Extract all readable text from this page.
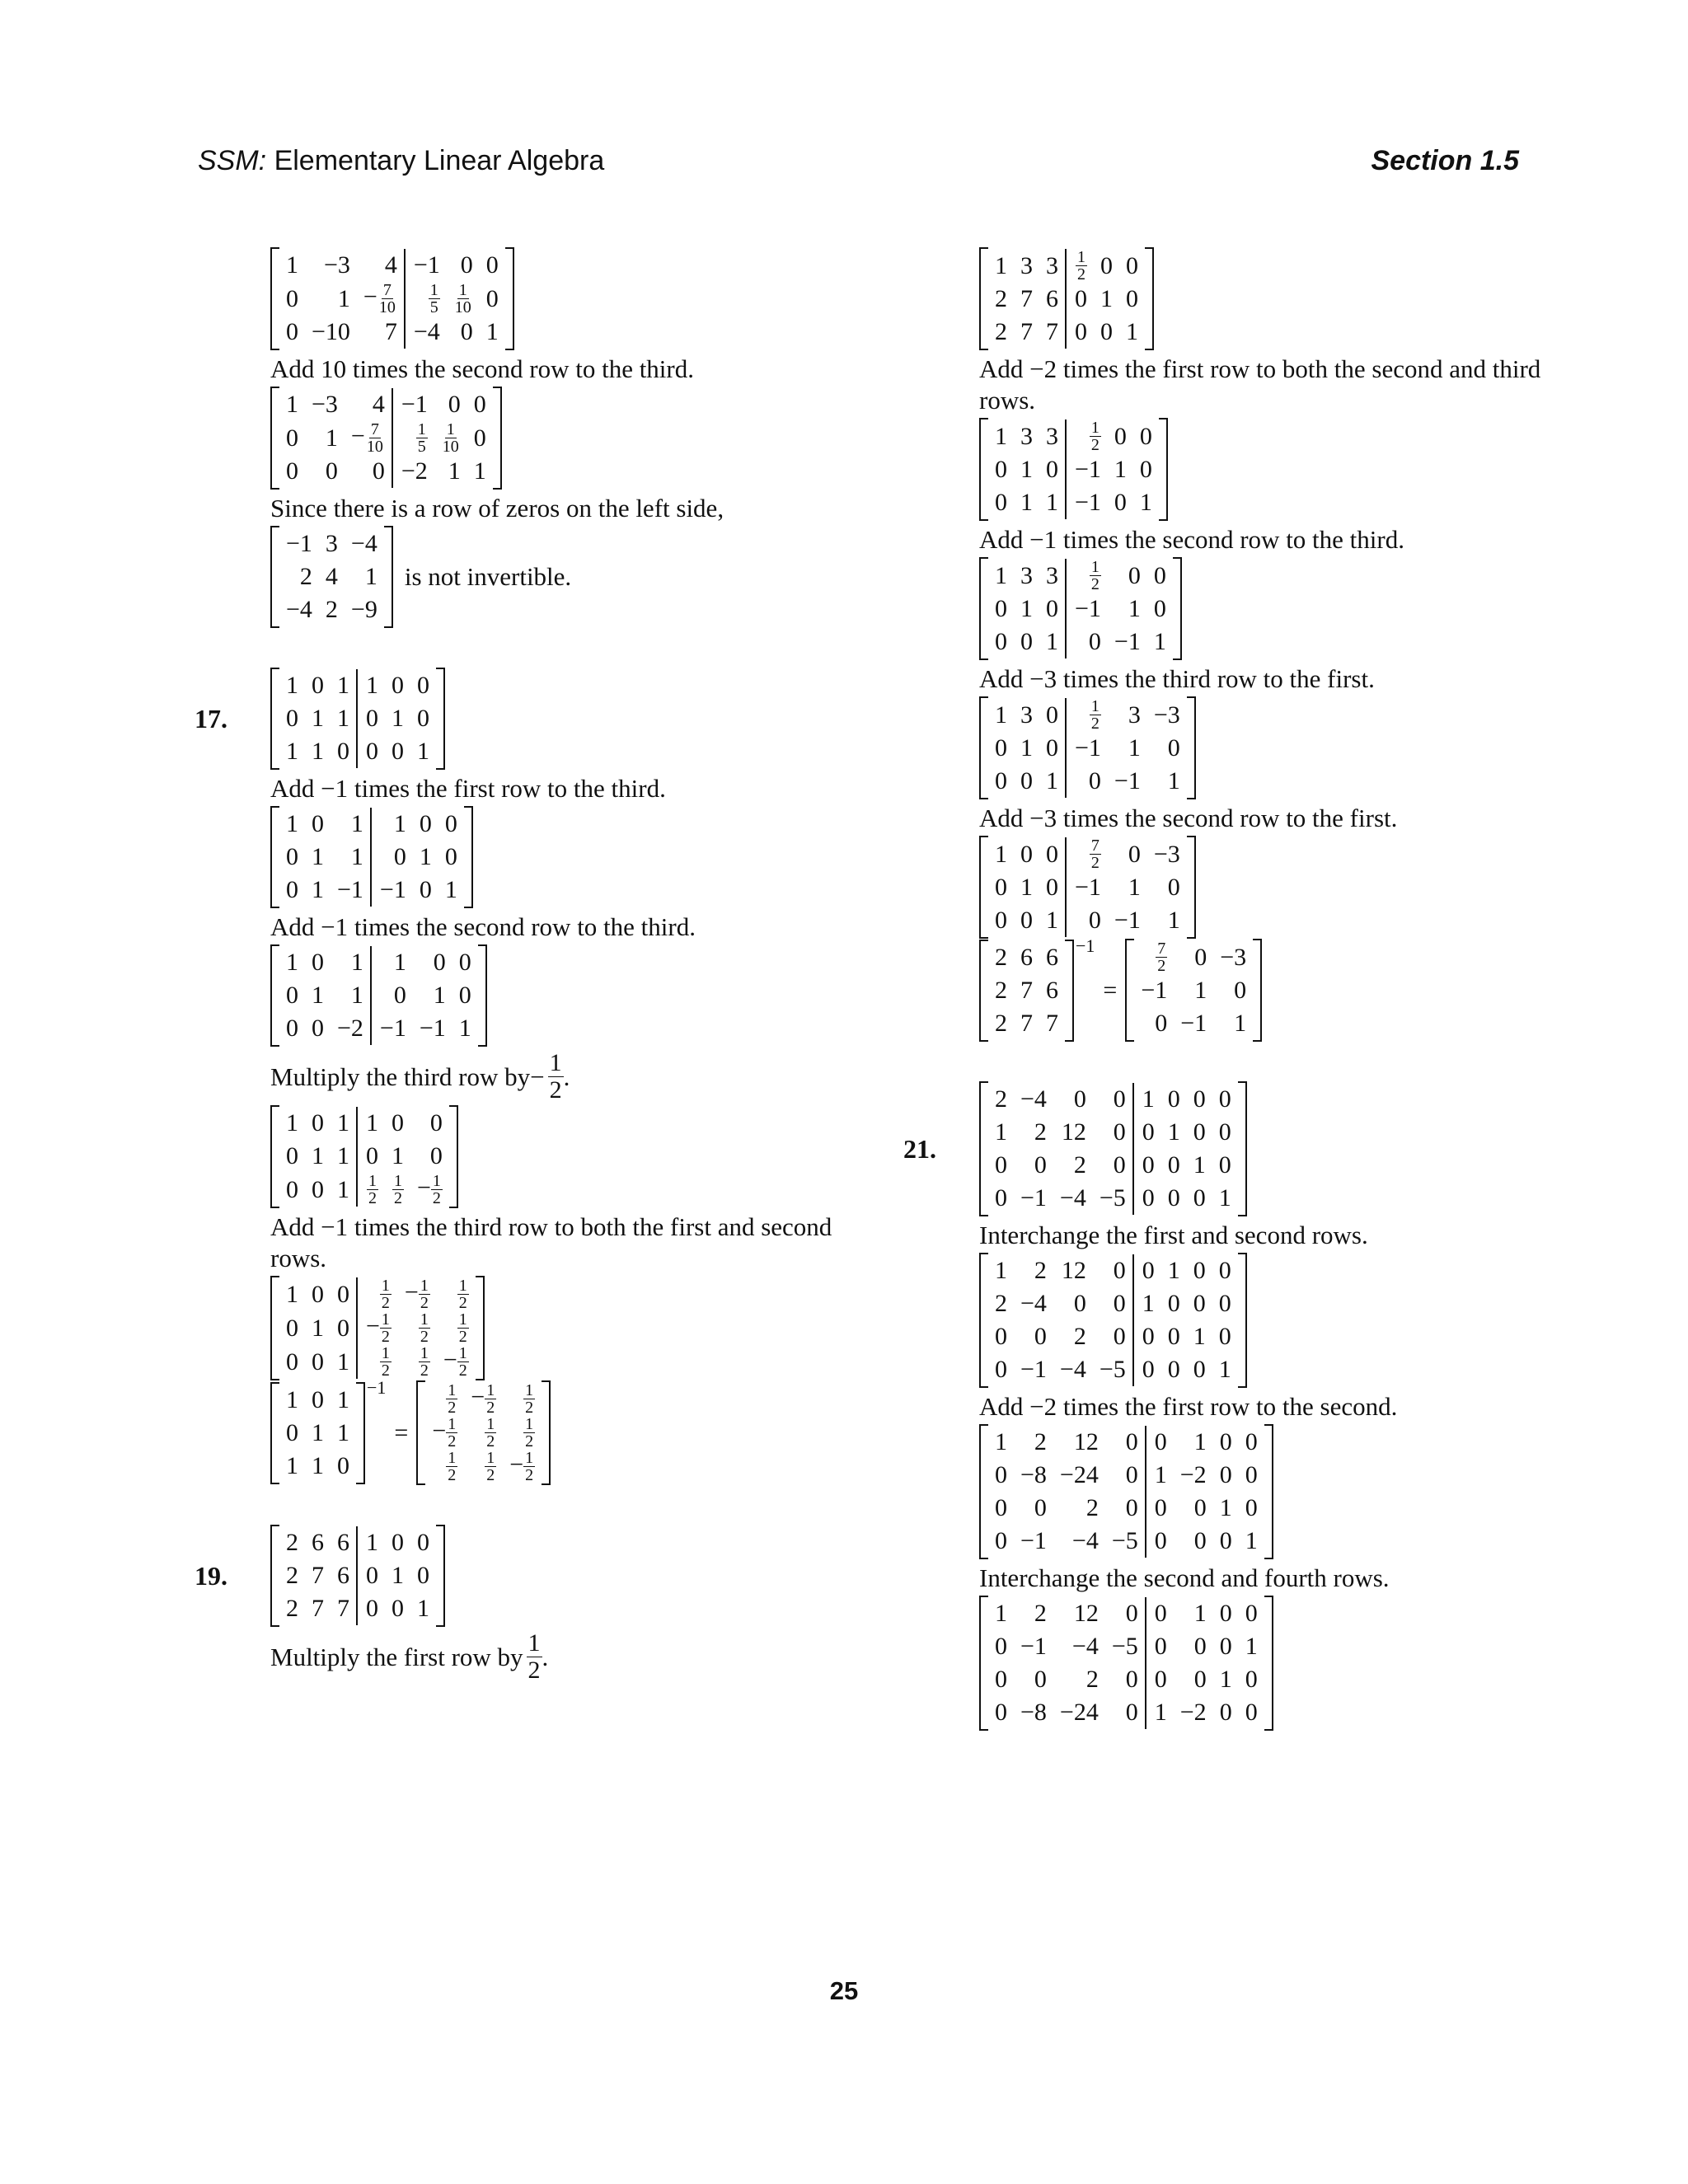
SSM: Elementary Linear Algebra	Section 1.5
1	−3	4	−1	0	0
0	1	− $\frac{7}{10}$	$\frac{1}{5}$	$\frac{1}{10}$	0
0	−10	7	−4	0	1

Add 10 times the second row to the third.

1	−3	4	−1	0	0
0	1	− $\frac{7}{10}$	$\frac{1}{5}$	$\frac{1}{10}$	0
0	0	0	−2	1	1

Since there is a row of zeros on the left side,

−1	3	−4
2	4	1
−4	2	−9
is not invertible.
17.
1	0	1	1	0	0
0	1	1	0	1	0
1	1	0	0	0	1

Add −1 times the first row to the third.

1	0	1	1	0	0
0	1	1	0	1	0
0	1	−1	−1	0	1

Add −1 times the second row to the third.

1	0	1	1	0	0
0	1	1	0	1	0
0	0	−2	−1	−1	1

Multiply the third row by − $\frac{1}{2}$ .

1	0	1	1	0	0
0	1	1	0	1	0
0	0	1	$\frac{1}{2}$	$\frac{1}{2}$	− $\frac{1}{2}$

Add −1 times the third row to both the first and second rows.

1	0	0	$\frac{1}{2}$	− $\frac{1}{2}$	$\frac{1}{2}$

0	1	0	− $\frac{1}{2}$	$\frac{1}{2}$	$\frac{1}{2}$

0	0	1	$\frac{1}{2}$	$\frac{1}{2}$	− $\frac{1}{2}$
1	0	1
0	1	1
1	1	0
−1
=
$\frac{1}{2}$	− $\frac{1}{2}$	$\frac{1}{2}$

− $\frac{1}{2}$	$\frac{1}{2}$	$\frac{1}{2}$

$\frac{1}{2}$	$\frac{1}{2}$	− $\frac{1}{2}$
19.
2	6	6	1	0	0
2	7	6	0	1	0
2	7	7	0	0	1

Multiply the first row by $\frac{1}{2}$ .

1	3	3	$\frac{1}{2}$	0	0
2	7	6	0	1	0
2	7	7	0	0	1

Add −2 times the first row to both the second and third rows.

1	3	3	$\frac{1}{2}$	0	0
0	1	0	−1	1	0
0	1	1	−1	0	1

Add −1 times the second row to the third.

1	3	3	$\frac{1}{2}$	0	0
0	1	0	−1	1	0
0	0	1	0	−1	1

Add −3 times the third row to the first.

1	3	0	$\frac{1}{2}$	3	−3
0	1	0	−1	1	0
0	0	1	0	−1	1

Add −3 times the second row to the first.

1	0	0	$\frac{7}{2}$	0	−3
0	1	0	−1	1	0
0	0	1	0	−1	1
2	6	6
2	7	6
2	7	7
−1
=
$\frac{7}{2}$	0	−3
−1	1	0
0	−1	1
21.
2	−4	0	0	1	0	0	0
1	2	12	0	0	1	0	0
0	0	2	0	0	0	1	0
0	−1	−4	−5	0	0	0	1

Interchange the first and second rows.

1	2	12	0	0	1	0	0
2	−4	0	0	1	0	0	0
0	0	2	0	0	0	1	0
0	−1	−4	−5	0	0	0	1

Add −2 times the first row to the second.

1	2	12	0	0	1	0	0
0	−8	−24	0	1	−2	0	0
0	0	2	0	0	0	1	0
0	−1	−4	−5	0	0	0	1

Interchange the second and fourth rows.

1	2	12	0	0	1	0	0
0	−1	−4	−5	0	0	0	1
0	0	2	0	0	0	1	0
0	−8	−24	0	1	−2	0	0
25
